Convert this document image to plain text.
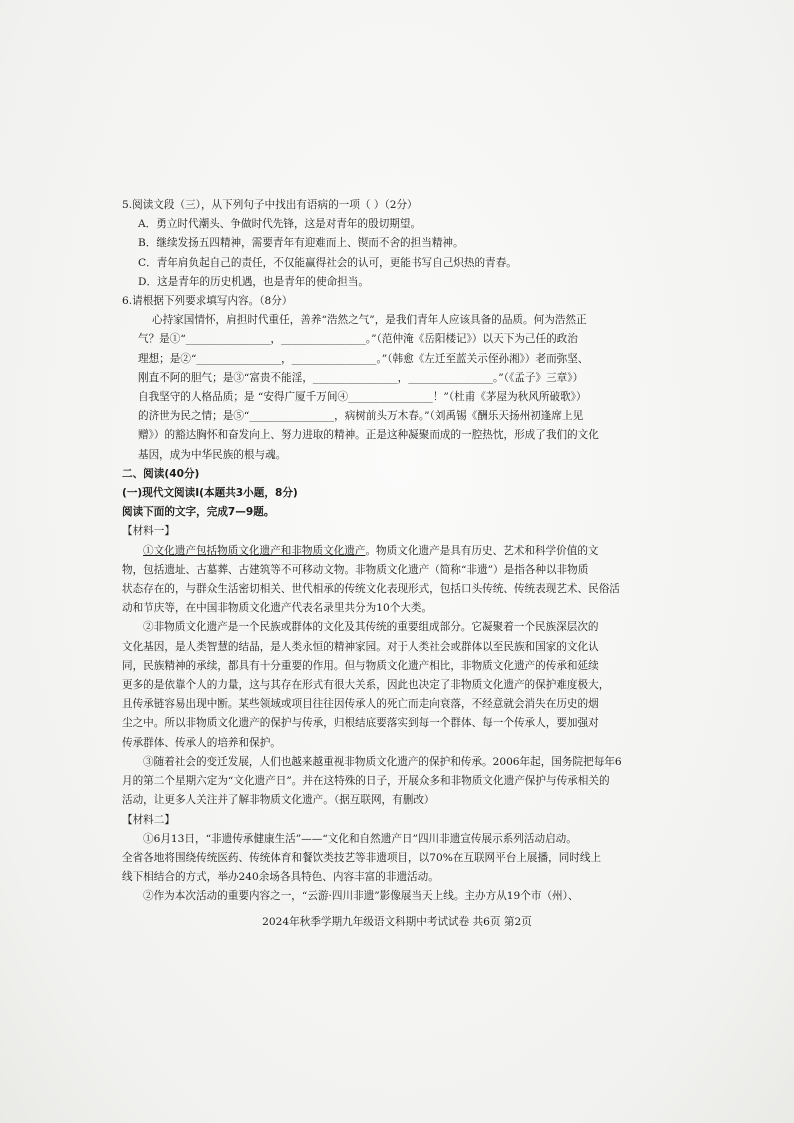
5.阅读文段（三），从下列句子中找出有语病的一项（ ）（2分）
A．勇立时代潮头、争做时代先锋，这是对青年的殷切期望。
B．继续发扬五四精神，需要青年有迎难而上、锲而不舍的担当精神。
C．青年肩负起自己的责任，不仅能赢得社会的认可，更能书写自己炽热的青春。
D．这是青年的历史机遇，也是青年的使命担当。
6.请根据下列要求填写内容。（8分）
心持家国情怀，肩担时代重任，善养“浩然之气”，是我们青年人应该具备的品质。何为浩然正
气？是①“________________，________________。”（范仲淹《岳阳楼记》）以天下为己任的政治
理想；是②“________________，________________。”（韩愈《左迁至蓝关示侄孙湘》）老而弥坚、
刚直不阿的胆气；是③“富贵不能淫，________________，________________。”（《孟子》三章》）
自我坚守的人格品质；是 “安得广厦千万间④________________！”（杜甫《茅屋为秋风所破歌》）
的济世为民之情；是⑤“________________，病树前头万木春。”（刘禹锡《酬乐天扬州初逢席上见
赠》）的豁达胸怀和奋发向上、努力进取的精神。正是这种凝聚而成的一腔热忱，形成了我们的文化
基因，成为中华民族的根与魂。
二、阅读(40分)
(一)现代文阅读Ⅰ(本题共3小题，8分)
阅读下面的文字，完成7—9题。
【材料一】
①文化遗产包括物质文化遗产和非物质文化遗产。物质文化遗产是具有历史、艺术和科学价值的文
物，包括遗址、古墓葬、古建筑等不可移动文物。非物质文化遗产（简称“非遗”）是指各种以非物质
状态存在的，与群众生活密切相关、世代相承的传统文化表现形式，包括口头传统、传统表现艺术、民俗活
动和节庆等，在中国非物质文化遗产代表名录里共分为10个大类。
②非物质文化遗产是一个民族或群体的文化及其传统的重要组成部分。它凝聚着一个民族深层次的
文化基因，是人类智慧的结晶，是人类永恒的精神家园。对于人类社会或群体以至民族和国家的文化认
同，民族精神的承续，都具有十分重要的作用。但与物质文化遗产相比，非物质文化遗产的传承和延续
更多的是依靠个人的力量，这与其存在形式有很大关系，因此也决定了非物质文化遗产的保护难度极大，
且传承链容易出现中断。某些领域或项目往往因传承人的死亡而走向衰落，不经意就会消失在历史的烟
尘之中。所以非物质文化遗产的保护与传承，归根结底要落实到每一个群体、每一个传承人，要加强对
传承群体、传承人的培养和保护。
③随着社会的变迁发展，人们也越来越重视非物质文化遗产的保护和传承。2006年起，国务院把每年6
月的第二个星期六定为“文化遗产日”。并在这特殊的日子，开展众多和非物质文化遗产保护与传承相关的
活动，让更多人关注并了解非物质文化遗产。（据互联网，有删改）
【材料二】
①6月13日，“非遗传承健康生活”——“文化和自然遗产日”四川非遗宣传展示系列活动启动。
全省各地将围绕传统医药、传统体育和餐饮类技艺等非遗项目，以70%在互联网平台上展播，同时线上
线下相结合的方式，举办240余场各具特色、内容丰富的非遗活动。
②作为本次活动的重要内容之一，“云游·四川非遗”影像展当天上线。主办方从19个市（州）、
2024年秋季学期九年级语文科期中考试试卷 共6页 第2页
